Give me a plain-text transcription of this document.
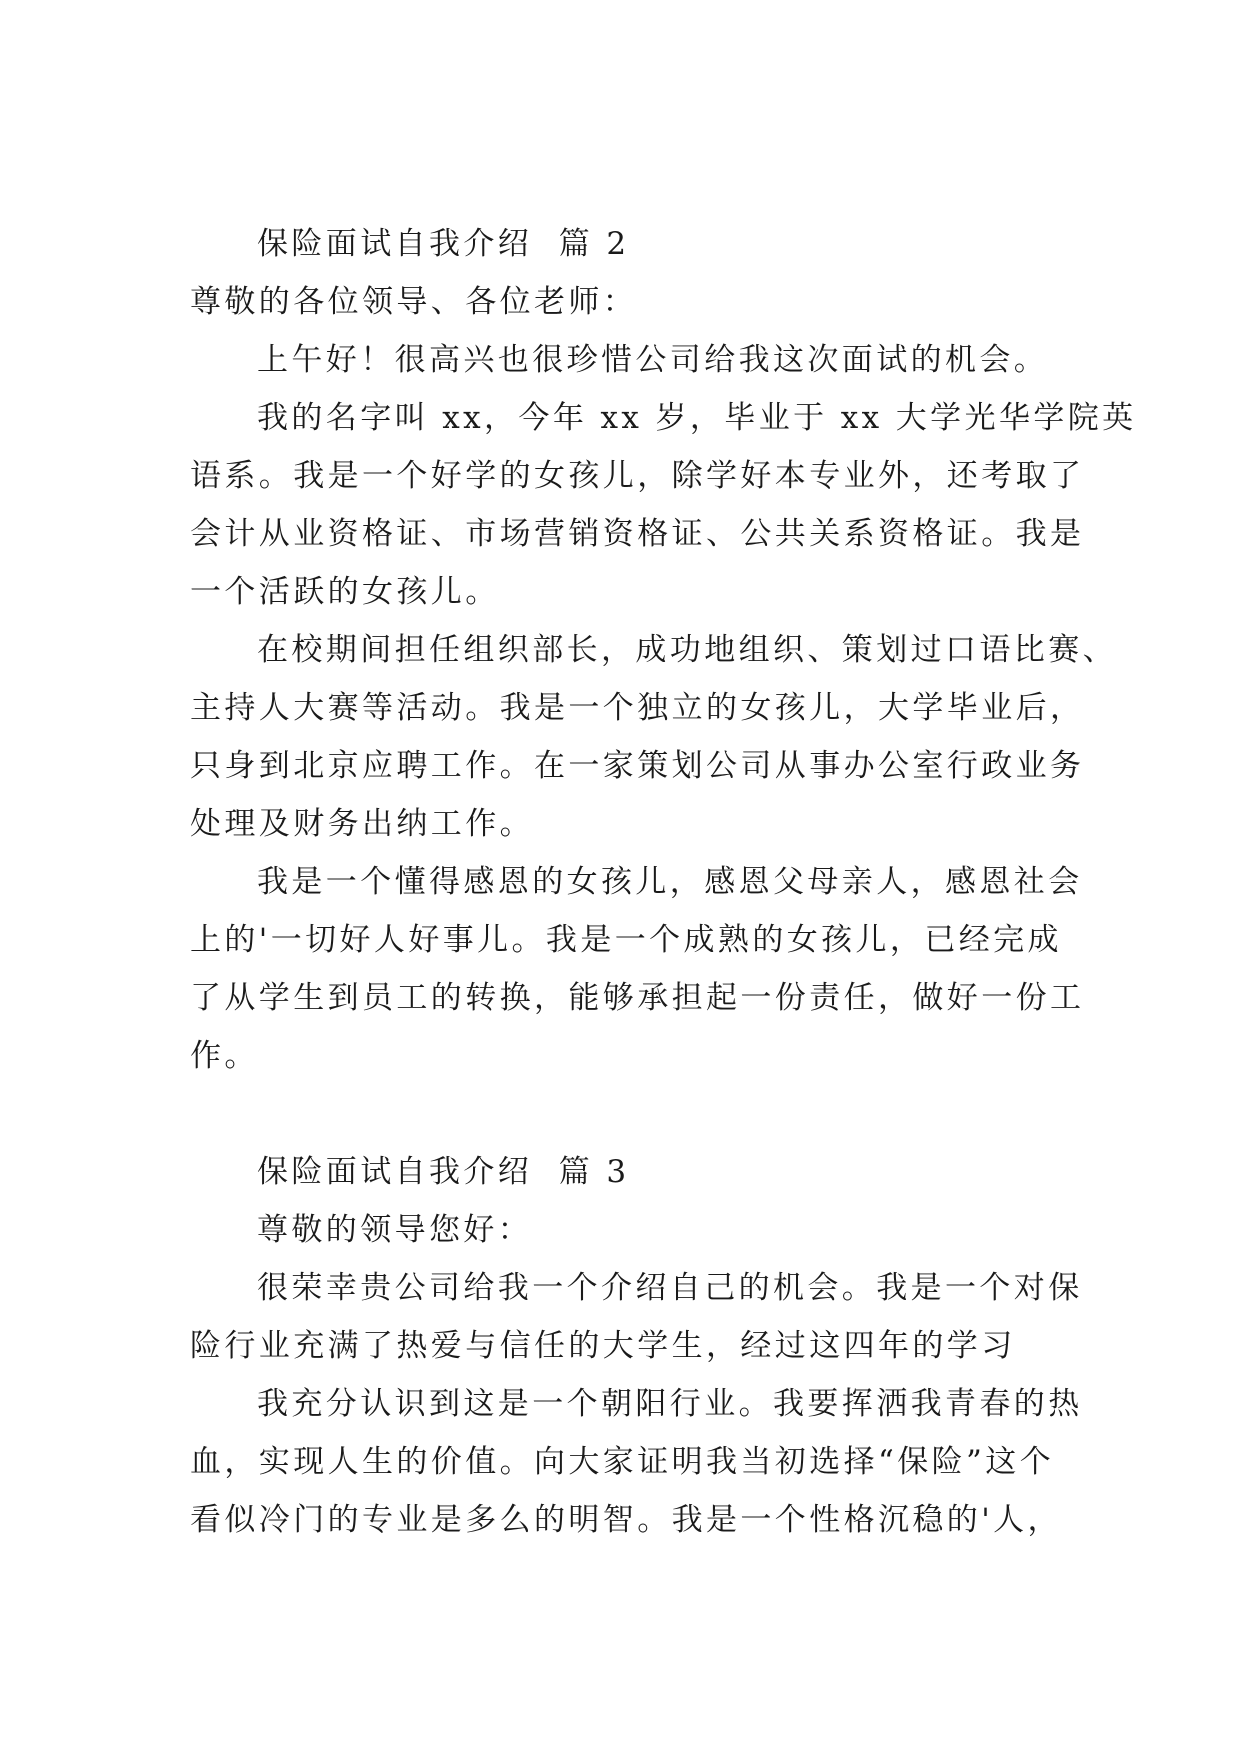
保险面试自我介绍  篇 2
尊敬的各位领导、各位老师：
上午好！很高兴也很珍惜公司给我这次面试的机会。
我的名字叫 xx，今年 xx 岁，毕业于 xx 大学光华学院英
语系。我是一个好学的女孩儿，除学好本专业外，还考取了
会计从业资格证、市场营销资格证、公共关系资格证。我是
一个活跃的女孩儿。
在校期间担任组织部长，成功地组织、策划过口语比赛、
主持人大赛等活动。我是一个独立的女孩儿，大学毕业后，
只身到北京应聘工作。在一家策划公司从事办公室行政业务
处理及财务出纳工作。
我是一个懂得感恩的女孩儿，感恩父母亲人，感恩社会
上的'一切好人好事儿。我是一个成熟的女孩儿，已经完成
了从学生到员工的转换，能够承担起一份责任，做好一份工
作。
保险面试自我介绍  篇 3
尊敬的领导您好：
很荣幸贵公司给我一个介绍自己的机会。我是一个对保
险行业充满了热爱与信任的大学生，经过这四年的学习
我充分认识到这是一个朝阳行业。我要挥洒我青春的热
血，实现人生的价值。向大家证明我当初选择“保险”这个
看似冷门的专业是多么的明智。我是一个性格沉稳的'人，
